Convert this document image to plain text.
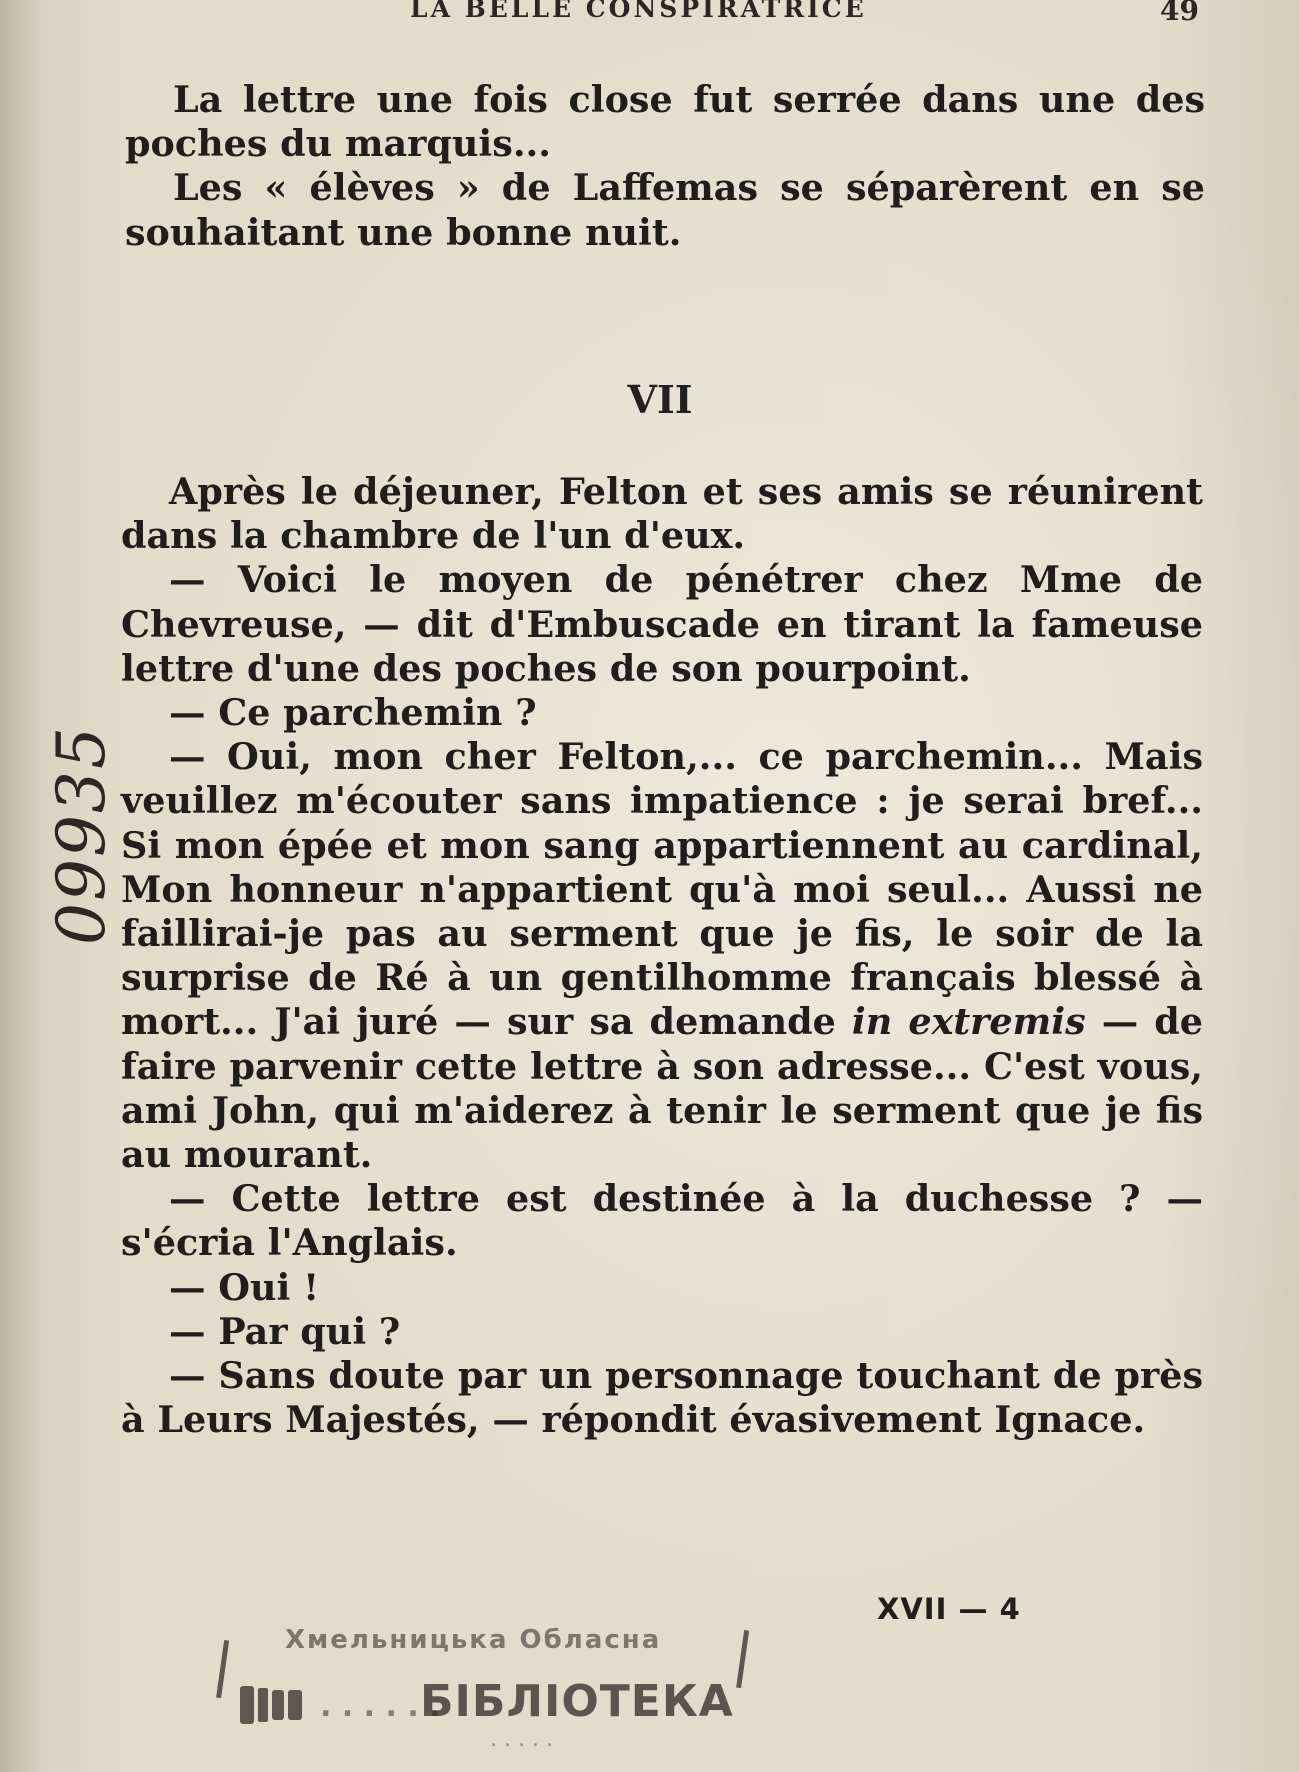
LA BELLE CONSPIRATRICE	49

La lettre une fois close fut serrée dans une des poches du marquis...

Les « élèves » de Laffemas se séparèrent en se souhaitant une bonne nuit.

VII

Après le déjeuner, Felton et ses amis se réunirent dans la chambre de l'un d'eux.

— Voici le moyen de pénétrer chez Mme de Chevreuse, — dit d'Embuscade en tirant la fameuse lettre d'une des poches de son pourpoint.

— Ce parchemin ?

— Oui, mon cher Felton,... ce parchemin... Mais veuillez m'écouter sans impatience : je serai bref... Si mon épée et mon sang appartiennent au cardinal, Mon honneur n'appartient qu'à moi seul... Aussi ne faillirai-je pas au serment que je fis, le soir de la surprise de Ré à un gentilhomme français blessé à mort... J'ai juré — sur sa demande in extremis — de faire parvenir cette lettre à son adresse... C'est vous, ami John, qui m'aiderez à tenir le serment que je fis au mourant.

— Cette lettre est destinée à la duchesse ? — s'écria l'Anglais.

— Oui !

— Par qui ?

— Sans doute par un personnage touchant de près à Leurs Majestés, — répondit évasivement Ignace.

XVII — 4
09935
Хмельницька Обласна
БІБЛІОТЕКА
. . . . . .
. . . . .
